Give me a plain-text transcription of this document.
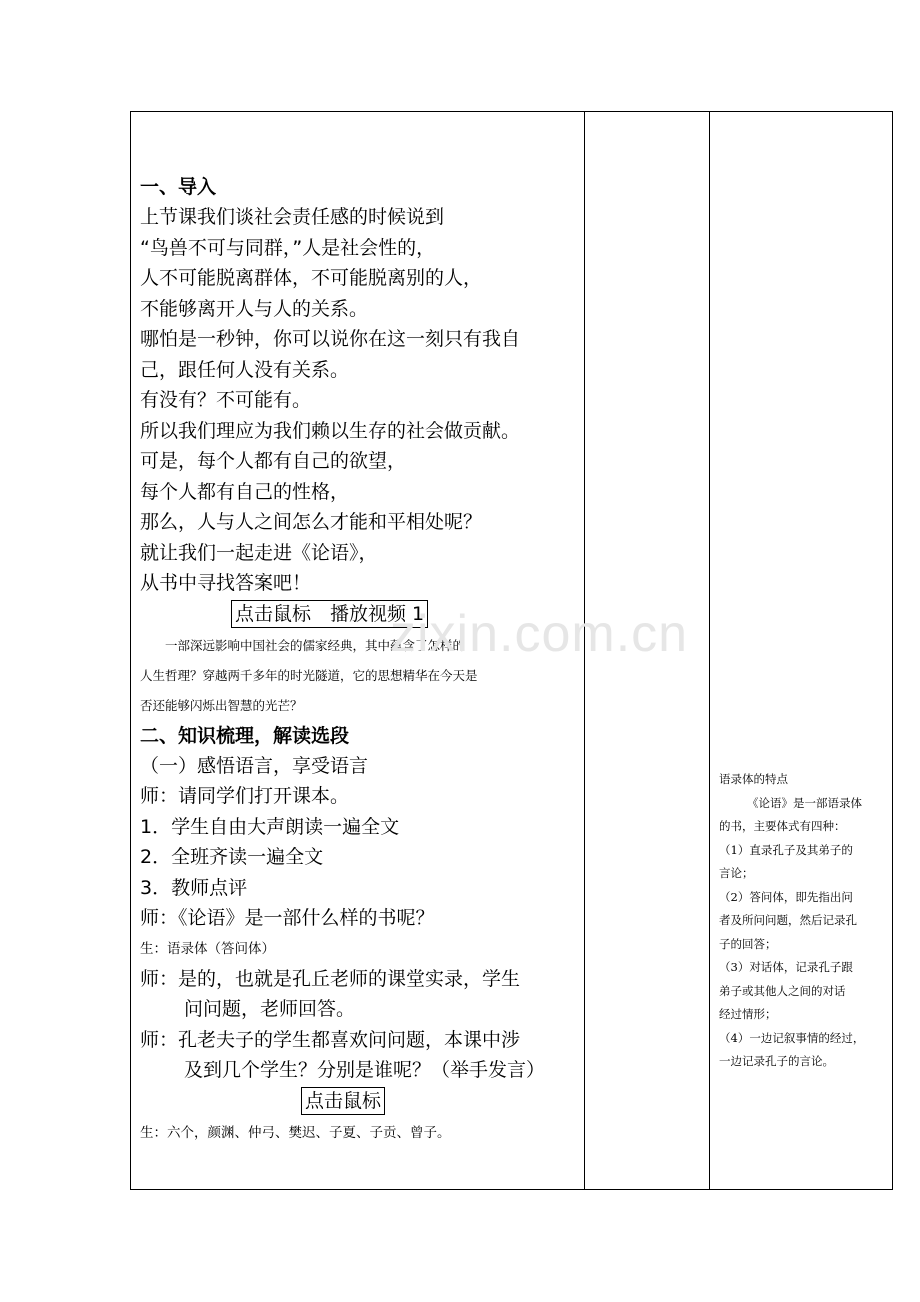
一、导入

上节课我们谈社会责任感的时候说到

“鸟兽不可与同群，”人是社会性的，

人不可能脱离群体，不可能脱离别的人，

不能够离开人与人的关系。

哪怕是一秒钟，你可以说你在这一刻只有我自

己，跟任何人没有关系。

有没有？不可能有。

所以我们理应为我们赖以生存的社会做贡献。

可是，每个人都有自己的欲望，

每个人都有自己的性格，

那么，人与人之间怎么才能和平相处呢？

就让我们一起走进《论语》，

从书中寻找答案吧！

点击鼠标　播放视频 1

　　一部深远影响中国社会的儒家经典，其中蕴含了怎样的

人生哲理？穿越两千多年的时光隧道，它的思想精华在今天是

否还能够闪烁出智慧的光芒？

二、知识梳理，解读选段

（一）感悟语言，享受语言

师：请同学们打开课本。

1．学生自由大声朗读一遍全文

2．全班齐读一遍全文

3．教师点评

师：《论语》是一部什么样的书呢？

生：语录体（答问体）

师：是的，也就是孔丘老师的课堂实录，学生

问问题，老师回答。

师：孔老夫子的学生都喜欢问问题，本课中涉

及到几个学生？分别是谁呢？（举手发言）

点击鼠标

生：六个，颜渊、仲弓、樊迟、子夏、子贡、曾子。

语录体的特点

《论语》是一部语录体

的书，主要体式有四种：

（1）直录孔子及其弟子的

言论；

（2）答问体，即先指出问

者及所问问题，然后记录孔

子的回答；

（3）对话体，记录孔子跟

弟子或其他人之间的对话

经过情形；

（4）一边记叙事情的经过，

一边记录孔子的言论。

zixin.com.cn
